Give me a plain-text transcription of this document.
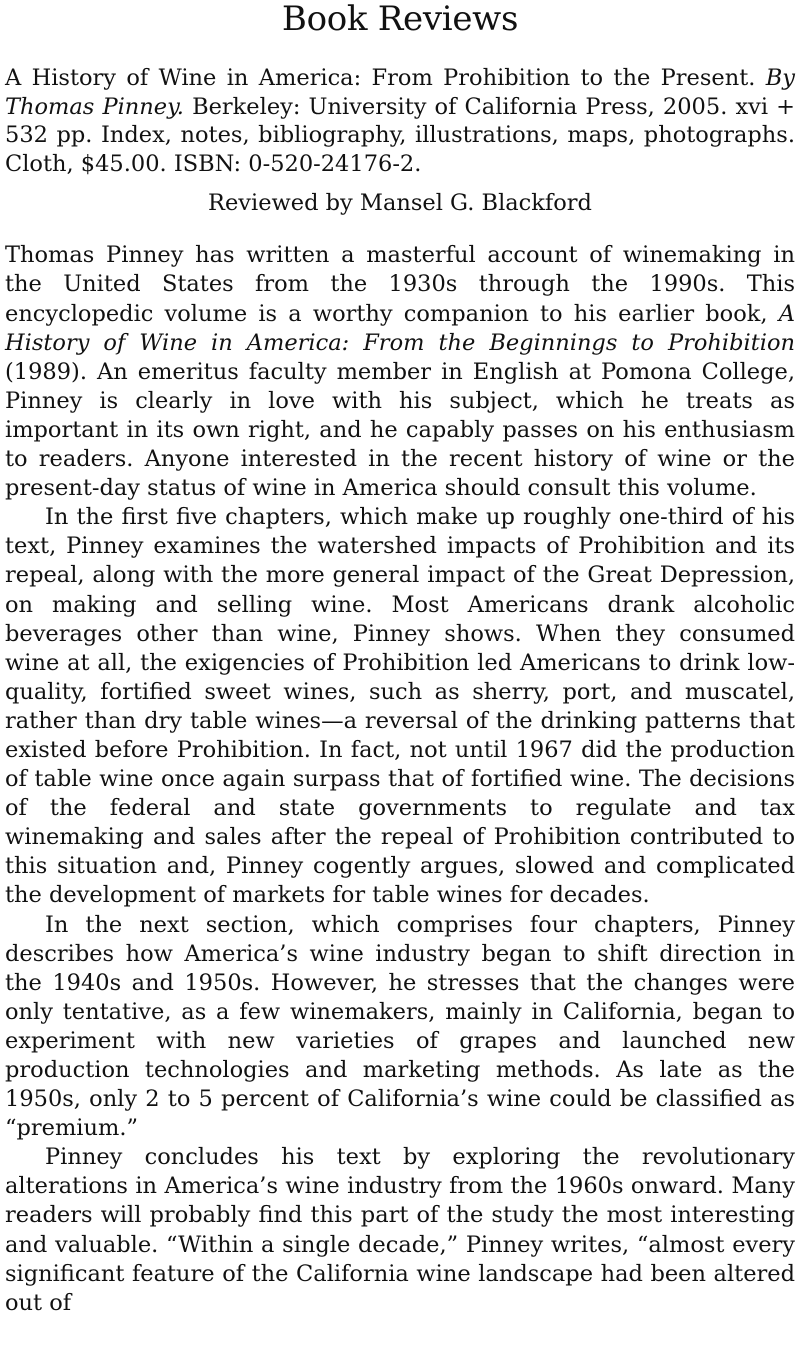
Book Reviews

A History of Wine in America: From Prohibition to the Present. By Thomas Pinney. Berkeley: University of California Press, 2005. xvi + 532 pp. Index, notes, bibliography, illustrations, maps, photographs. Cloth, $45.00. ISBN: 0-520-24176-2.

Reviewed by Mansel G. Blackford

Thomas Pinney has written a masterful account of winemaking in the United States from the 1930s through the 1990s. This encyclopedic volume is a worthy companion to his earlier book, A History of Wine in America: From the Beginnings to Prohibition (1989). An emeritus faculty member in English at Pomona College, Pinney is clearly in love with his subject, which he treats as important in its own right, and he capably passes on his enthusiasm to readers. Anyone interested in the recent history of wine or the present-day status of wine in America should consult this volume.

In the first five chapters, which make up roughly one-third of his text, Pinney examines the watershed impacts of Prohibition and its repeal, along with the more general impact of the Great Depression, on making and selling wine. Most Americans drank alcoholic beverages other than wine, Pinney shows. When they consumed wine at all, the exigencies of Prohibition led Americans to drink low-quality, fortified sweet wines, such as sherry, port, and muscatel, rather than dry table wines—a reversal of the drinking patterns that existed before Prohibition. In fact, not until 1967 did the production of table wine once again surpass that of fortified wine. The decisions of the federal and state governments to regulate and tax winemaking and sales after the repeal of Prohibition contributed to this situation and, Pinney cogently argues, slowed and complicated the development of markets for table wines for decades.

In the next section, which comprises four chapters, Pinney describes how America’s wine industry began to shift direction in the 1940s and 1950s. However, he stresses that the changes were only tentative, as a few winemakers, mainly in California, began to experiment with new varieties of grapes and launched new production technologies and marketing methods. As late as the 1950s, only 2 to 5 percent of California’s wine could be classified as “premium.”

Pinney concludes his text by exploring the revolutionary alterations in America’s wine industry from the 1960s onward. Many readers will probably find this part of the study the most interesting and valuable. “Within a single decade,” Pinney writes, “almost every significant feature of the California wine landscape had been altered out of
